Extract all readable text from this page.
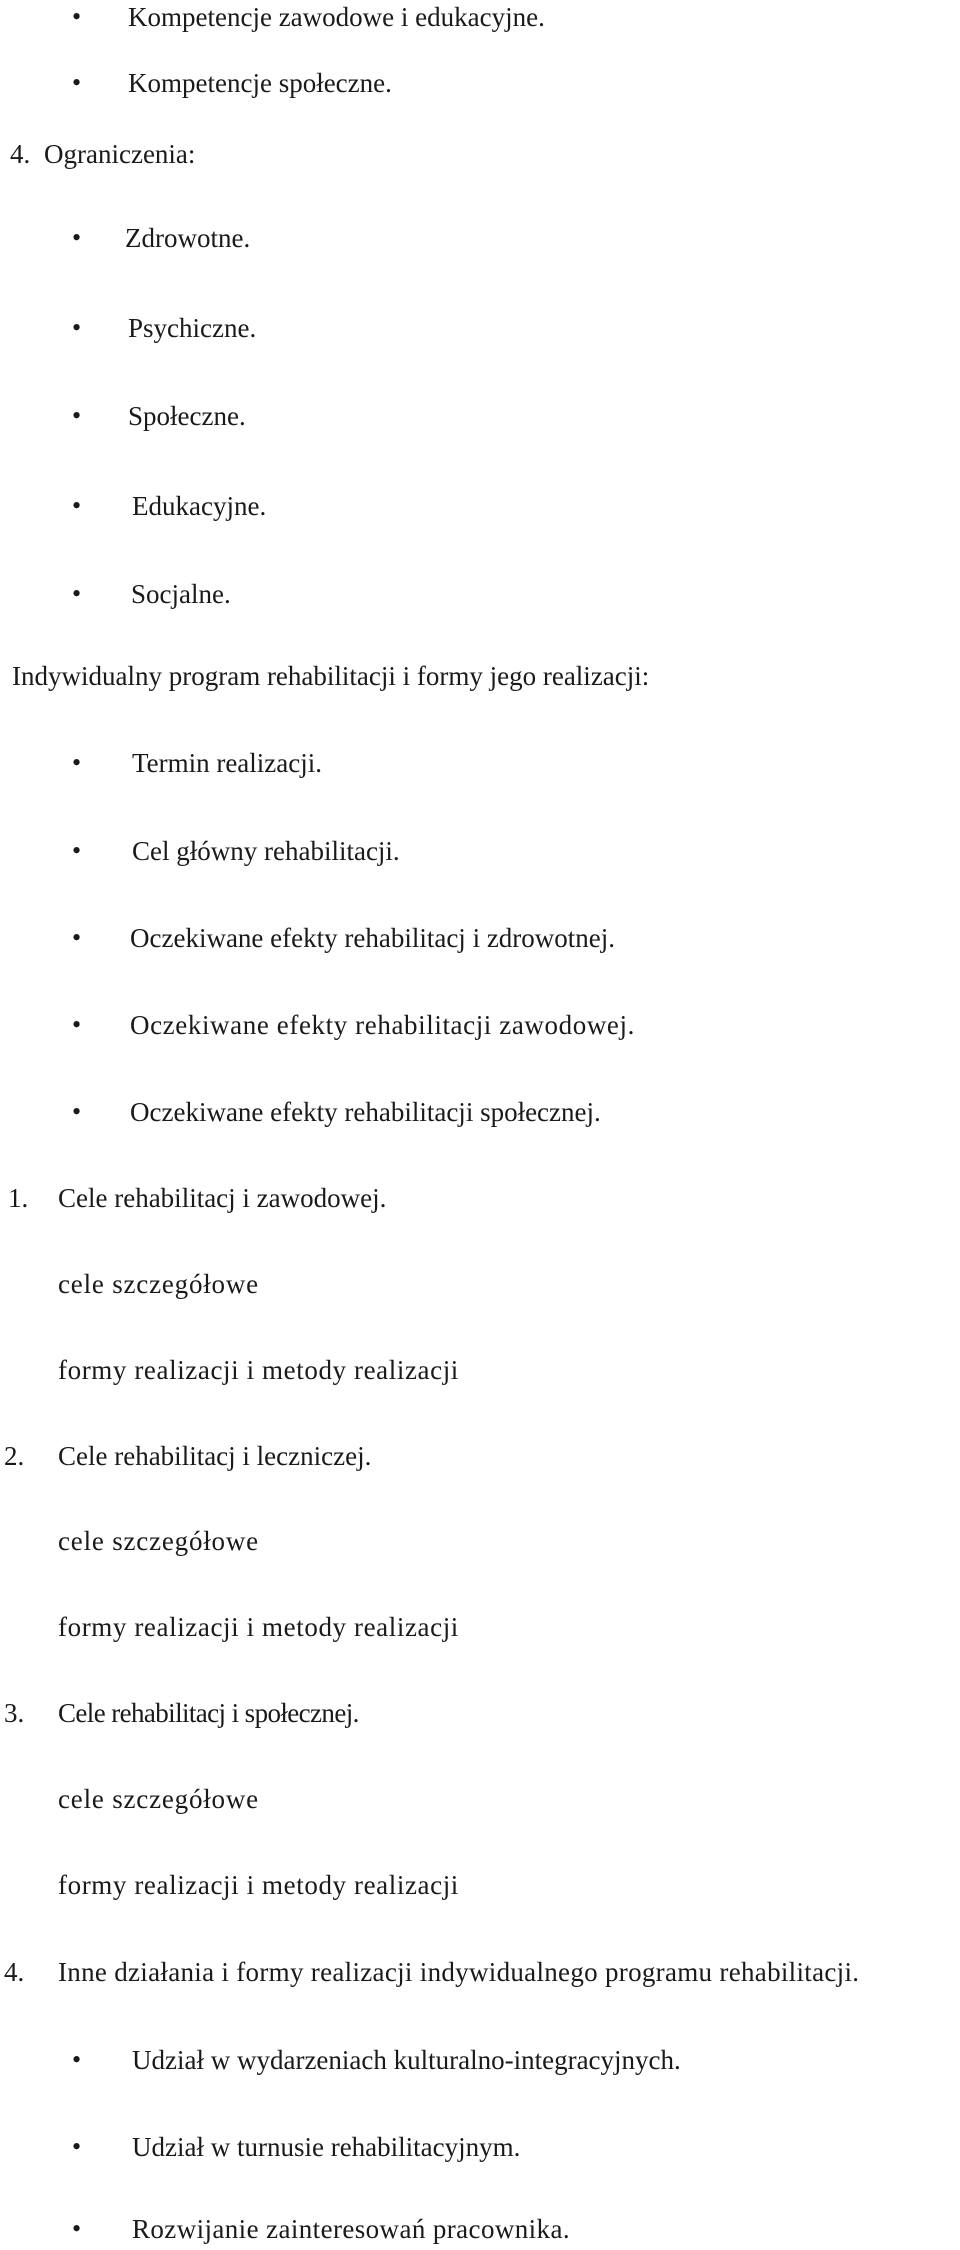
• Kompetencje zawodowe i edukacyjne.
• Kompetencje społeczne.
4. Ograniczenia:
• Zdrowotne.
• Psychiczne.
• Społeczne.
• Edukacyjne.
• Socjalne.
Indywidualny program rehabilitacji i formy jego realizacji:
• Termin realizacji.
• Cel główny rehabilitacji.
• Oczekiwane efekty rehabilitacj i zdrowotnej.
• Oczekiwane efekty rehabilitacji zawodowej.
• Oczekiwane efekty rehabilitacji społecznej.
1. Cele rehabilitacj i zawodowej.
cele szczegółowe
formy realizacji i metody realizacji
2. Cele rehabilitacj i leczniczej.
cele szczegółowe
formy realizacji i metody realizacji
3. Cele rehabilitacj i społecznej.
cele szczegółowe
formy realizacji i metody realizacji
4. Inne działania i formy realizacji indywidualnego programu rehabilitacji.
• Udział w wydarzeniach kulturalno-integracyjnych.
• Udział w turnusie rehabilitacyjnym.
• Rozwijanie zainteresowań pracownika.
